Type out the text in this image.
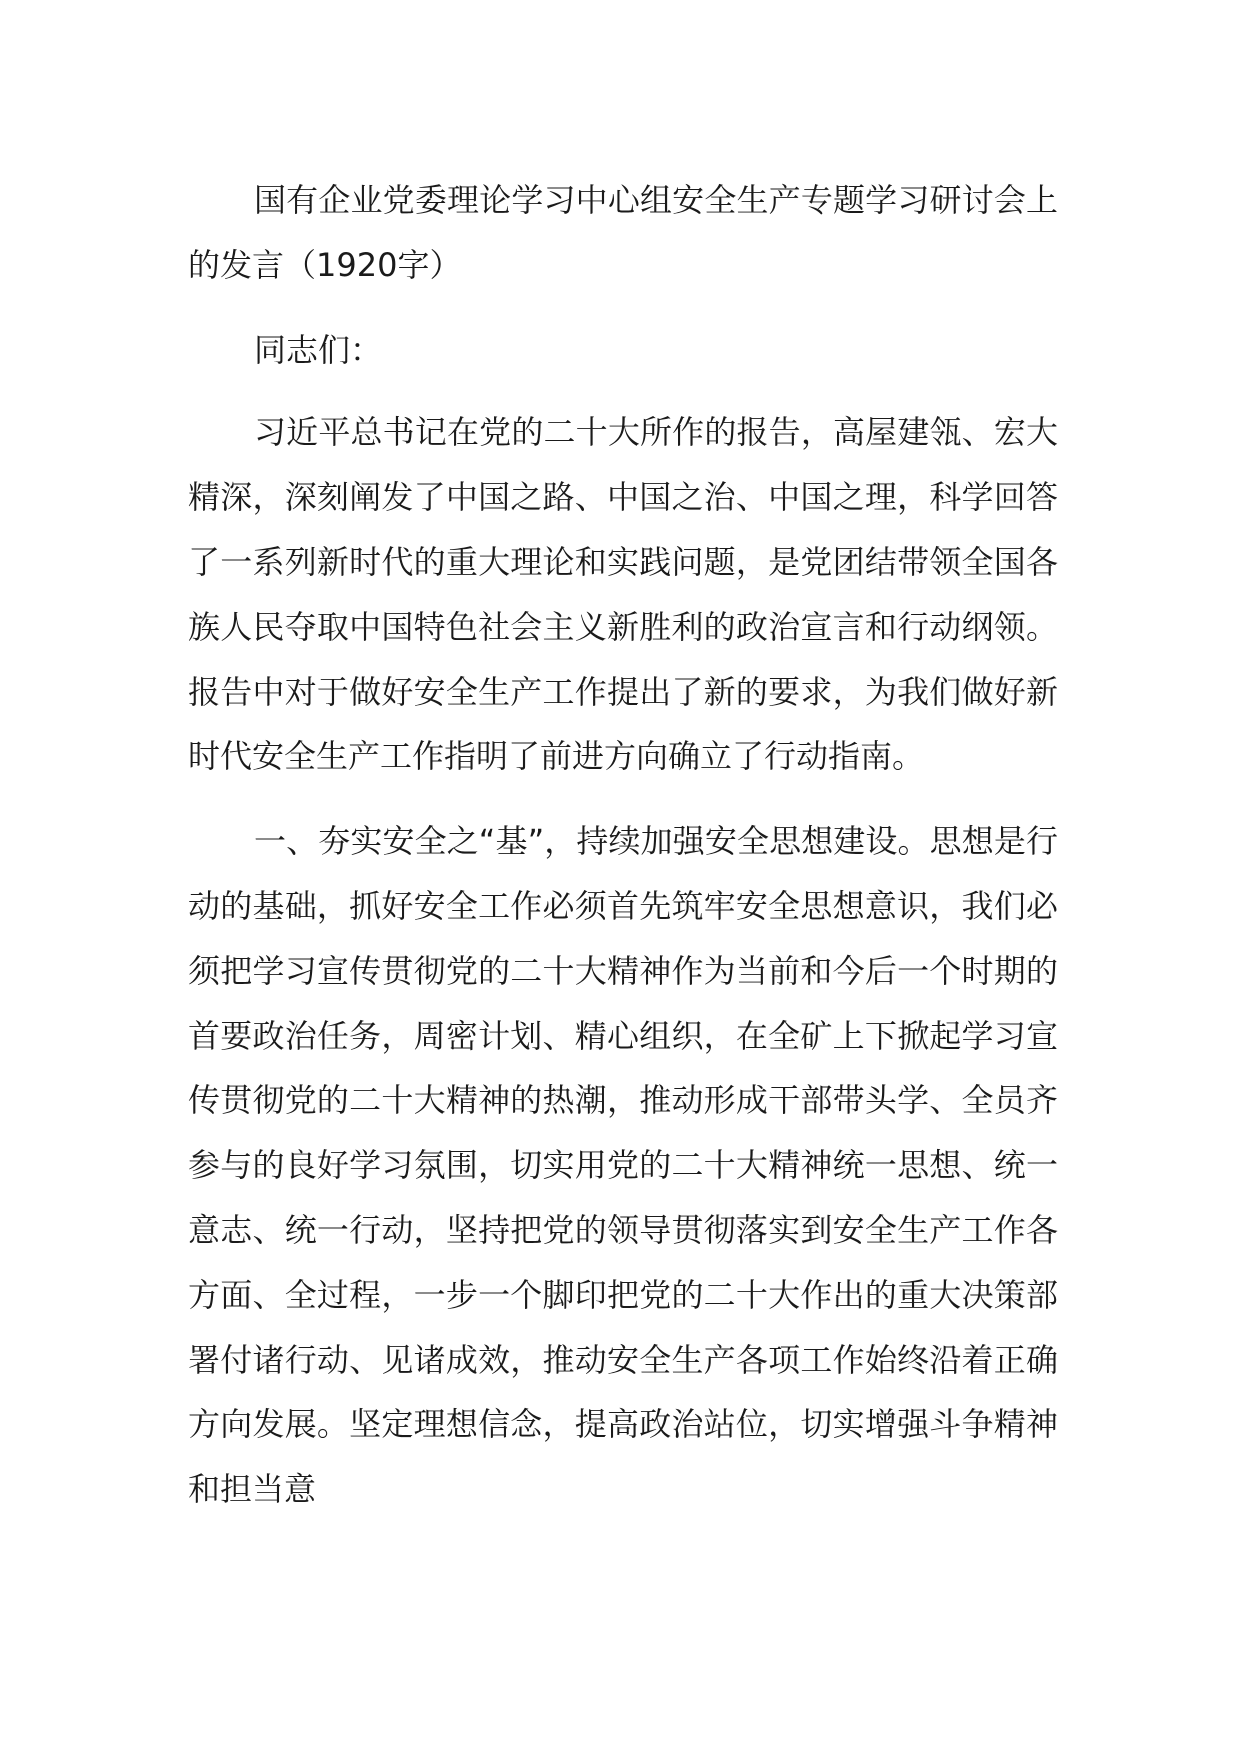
国有企业党委理论学习中心组安全生产专题学习研讨会上的发言（1920字）

同志们：

习近平总书记在党的二十大所作的报告，高屋建瓴、宏大精深，深刻阐发了中国之路、中国之治、中国之理，科学回答了一系列新时代的重大理论和实践问题，是党团结带领全国各族人民夺取中国特色社会主义新胜利的政治宣言和行动纲领。报告中对于做好安全生产工作提出了新的要求，为我们做好新时代安全生产工作指明了前进方向确立了行动指南。

一、夯实安全之“基”，持续加强安全思想建设。思想是行动的基础，抓好安全工作必须首先筑牢安全思想意识，我们必须把学习宣传贯彻党的二十大精神作为当前和今后一个时期的首要政治任务，周密计划、精心组织，在全矿上下掀起学习宣传贯彻党的二十大精神的热潮，推动形成干部带头学、全员齐参与的良好学习氛围，切实用党的二十大精神统一思想、统一意志、统一行动，坚持把党的领导贯彻落实到安全生产工作各方面、全过程，一步一个脚印把党的二十大作出的重大决策部署付诸行动、见诸成效，推动安全生产各项工作始终沿着正确方向发展。坚定理想信念，提高政治站位，切实增强斗争精神和担当意
